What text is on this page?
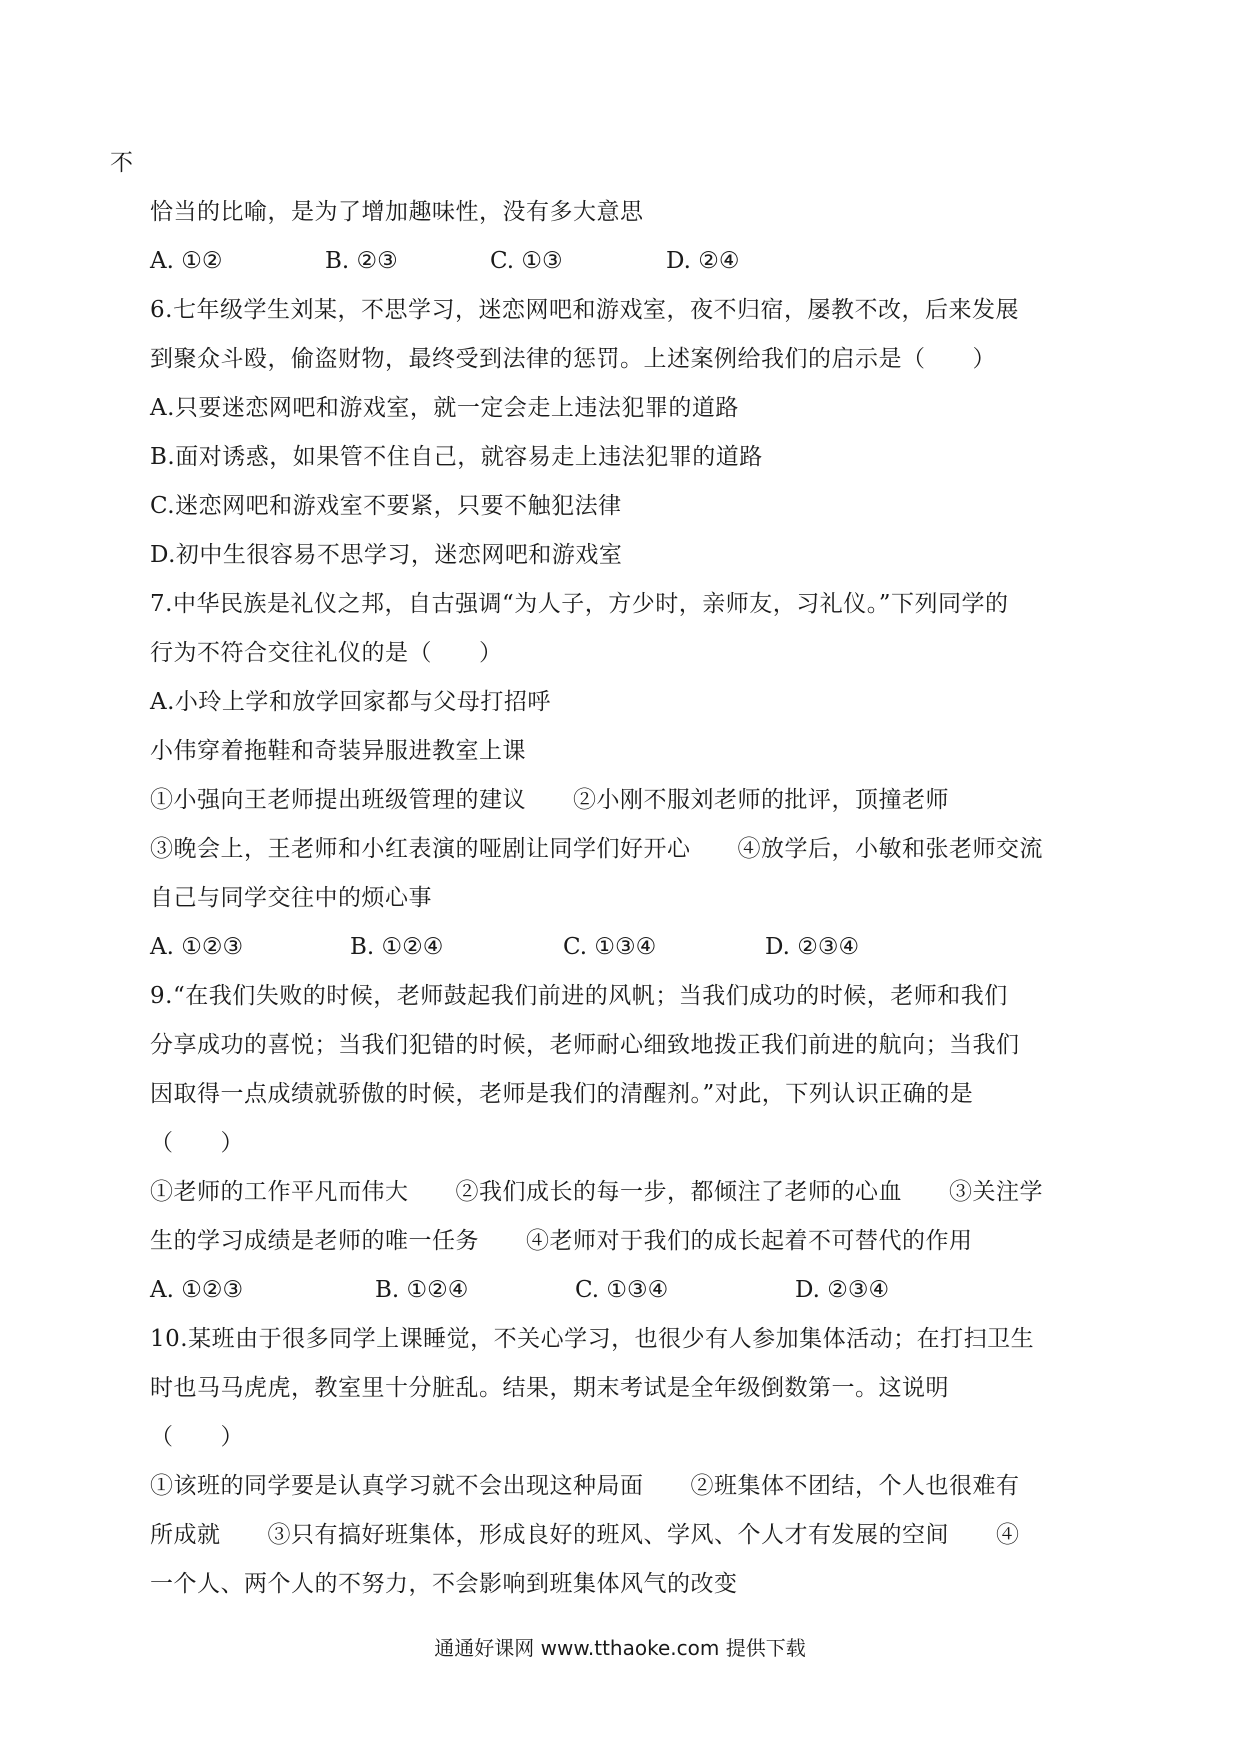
不
恰当的比喻，是为了增加趣味性，没有多大意思
A. ①②	B. ②③	C. ①③	D. ②④
6.七年级学生刘某，不思学习，迷恋网吧和游戏室，夜不归宿，屡教不改，后来发展
到聚众斗殴，偷盗财物，最终受到法律的惩罚。上述案例给我们的启示是（　　）
A.只要迷恋网吧和游戏室，就一定会走上违法犯罪的道路
B.面对诱惑，如果管不住自己，就容易走上违法犯罪的道路
C.迷恋网吧和游戏室不要紧，只要不触犯法律
D.初中生很容易不思学习，迷恋网吧和游戏室
7.中华民族是礼仪之邦，自古强调“为人子，方少时，亲师友，习礼仪。”下列同学的
行为不符合交往礼仪的是（　　）
A.小玲上学和放学回家都与父母打招呼
小伟穿着拖鞋和奇装异服进教室上课
①小强向王老师提出班级管理的建议　　②小刚不服刘老师的批评，顶撞老师
③晚会上，王老师和小红表演的哑剧让同学们好开心　　④放学后，小敏和张老师交流
自己与同学交往中的烦心事
A. ①②③	B. ①②④	C. ①③④	D. ②③④
9.“在我们失败的时候，老师鼓起我们前进的风帆；当我们成功的时候，老师和我们
分享成功的喜悦；当我们犯错的时候，老师耐心细致地拨正我们前进的航向；当我们
因取得一点成绩就骄傲的时候，老师是我们的清醒剂。”对此，下列认识正确的是
（　　）
①老师的工作平凡而伟大　　②我们成长的每一步，都倾注了老师的心血　　③关注学
生的学习成绩是老师的唯一任务　　④老师对于我们的成长起着不可替代的作用
A. ①②③	B. ①②④	C. ①③④	D. ②③④
10.某班由于很多同学上课睡觉，不关心学习，也很少有人参加集体活动；在打扫卫生
时也马马虎虎，教室里十分脏乱。结果，期末考试是全年级倒数第一。这说明
（　　）
①该班的同学要是认真学习就不会出现这种局面　　②班集体不团结，个人也很难有
所成就　　③只有搞好班集体，形成良好的班风、学风、个人才有发展的空间　　④
一个人、两个人的不努力，不会影响到班集体风气的改变
通通好课网 www.tthaoke.com 提供下载
